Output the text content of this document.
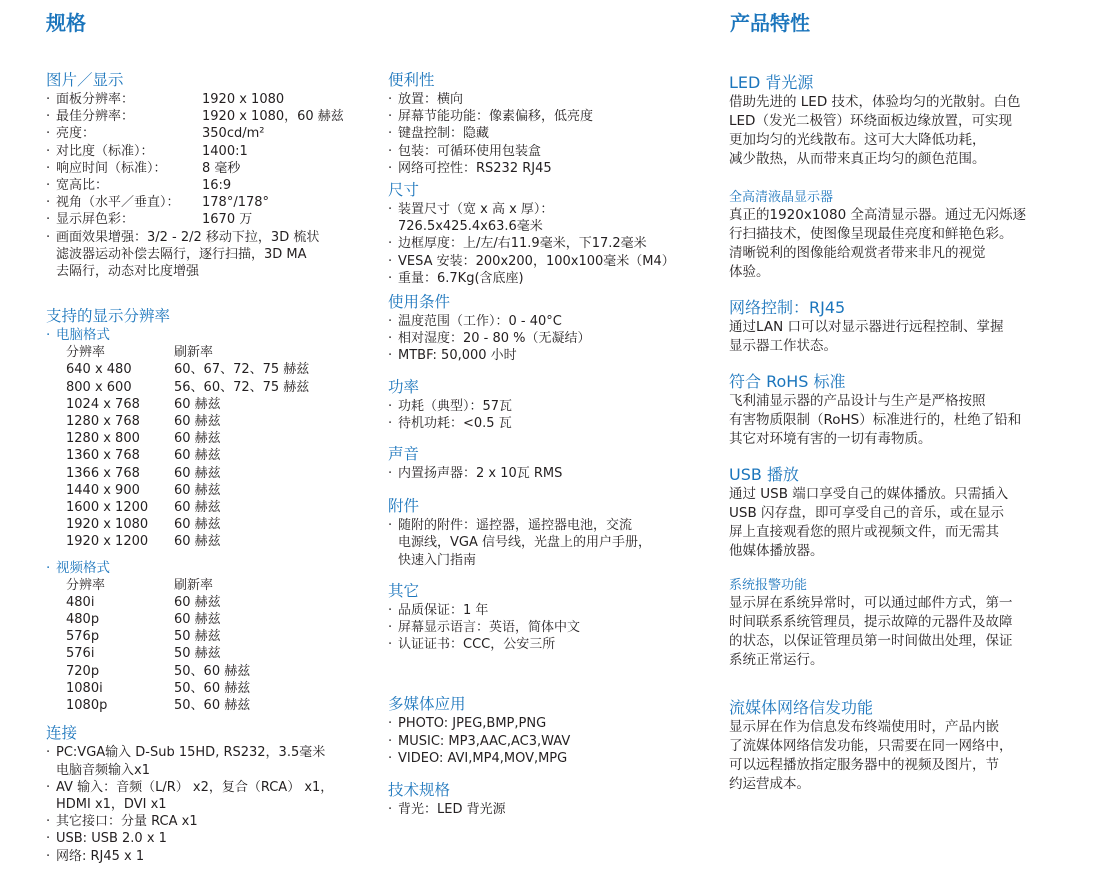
规格	产品特性
图片／显示
· 面板分辨率：	1920 x 1080
· 最佳分辨率：	1920 x 1080，60 赫兹
· 亮度：	350cd/m²
· 对比度（标准）：	1400:1
· 响应时间（标准）：	8 毫秒
· 宽高比：	16:9
· 视角（水平／垂直）：	178°/178°
· 显示屏色彩：	1670 万
· 画面效果增强：3/2 - 2/2 移动下拉，3D 梳状
滤波器运动补偿去隔行，逐行扫描，3D MA
去隔行，动态对比度增强
支持的显示分辨率
· 电脑格式
分辨率	刷新率
640 x 480	60、67、72、75 赫兹
800 x 600	56、60、72、75 赫兹
1024 x 768	60 赫兹
1280 x 768	60 赫兹
1280 x 800	60 赫兹
1360 x 768	60 赫兹
1366 x 768	60 赫兹
1440 x 900	60 赫兹
1600 x 1200	60 赫兹
1920 x 1080	60 赫兹
1920 x 1200	60 赫兹
· 视频格式
分辨率	刷新率
480i	60 赫兹
480p	60 赫兹
576p	50 赫兹
576i	50 赫兹
720p	50、60 赫兹
1080i	50、60 赫兹
1080p	50、60 赫兹
连接
· PC:VGA输入 D-Sub 15HD, RS232，3.5毫米
电脑音频输入x1
· AV 输入：音频（L/R） x2，复合（RCA） x1，
HDMI x1，DVI x1
· 其它接口：分量 RCA x1
· USB: USB 2.0 x 1
· 网络: RJ45 x 1
便利性
· 放置：横向
· 屏幕节能功能：像素偏移，低亮度
· 键盘控制：隐藏
· 包装：可循环使用包装盒
· 网络可控性：RS232 RJ45
尺寸
· 装置尺寸（宽 x 高 x 厚）：
726.5x425.4x63.6毫米
· 边框厚度：上/左/右11.9毫米，下17.2毫米
· VESA 安装：200x200，100x100毫米（M4）
· 重量：6.7Kg(含底座)
使用条件
· 温度范围（工作）：0 - 40°C
· 相对湿度：20 - 80 %（无凝结）
· MTBF: 50,000 小时
功率
· 功耗（典型）：57瓦
· 待机功耗：<0.5 瓦
声音
· 内置扬声器：2 x 10瓦 RMS
附件
· 随附的附件：遥控器，遥控器电池，交流
电源线，VGA 信号线，光盘上的用户手册，
快速入门指南
其它
· 品质保证：1 年
· 屏幕显示语言：英语，简体中文
· 认证证书：CCC，公安三所
多媒体应用
· PHOTO: JPEG,BMP,PNG
· MUSIC: MP3,AAC,AC3,WAV
· VIDEO: AVI,MP4,MOV,MPG
技术规格
· 背光：LED 背光源
LED 背光源
借助先进的 LED 技术，体验均匀的光散射。白色
LED（发光二极管）环绕面板边缘放置，可实现
更加均匀的光线散布。这可大大降低功耗，
减少散热，从而带来真正均匀的颜色范围。
全高清液晶显示器
真正的1920x1080 全高清显示器。通过无闪烁逐
行扫描技术，使图像呈现最佳亮度和鲜艳色彩。
清晰锐利的图像能给观赏者带来非凡的视觉
体验。
网络控制：RJ45
通过LAN 口可以对显示器进行远程控制、掌握
显示器工作状态。
符合 RoHS 标准
飞利浦显示器的产品设计与生产是严格按照
有害物质限制（RoHS）标准进行的，杜绝了铅和
其它对环境有害的一切有毒物质。
USB 播放
通过 USB 端口享受自己的媒体播放。只需插入
USB 闪存盘，即可享受自己的音乐，或在显示
屏上直接观看您的照片或视频文件，而无需其
他媒体播放器。
系统报警功能
显示屏在系统异常时，可以通过邮件方式，第一
时间联系系统管理员，提示故障的元器件及故障
的状态，以保证管理员第一时间做出处理，保证
系统正常运行。
流媒体网络信发功能
显示屏在作为信息发布终端使用时，产品内嵌
了流媒体网络信发功能，只需要在同一网络中，
可以远程播放指定服务器中的视频及图片，节
约运营成本。
